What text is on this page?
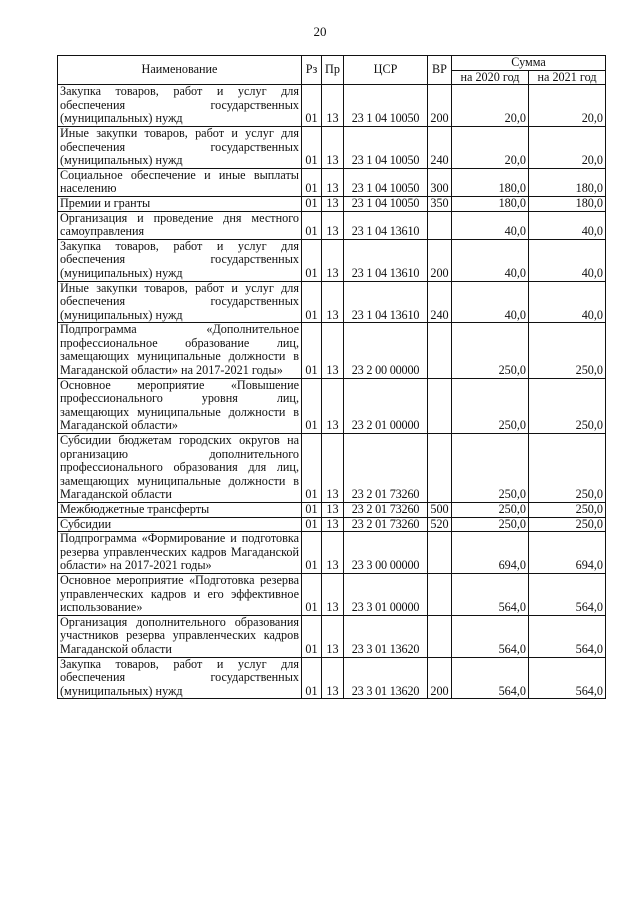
20
Наименование	Рз	Пр	ЦСР	ВР	Сумма	
					на 2020 год	на 2021 год
Закупка товаров, работ и услуг для обеспечения государственных (муниципальных) нужд	01	13	23 1 04 10050	200	20,0	20,0
Иные закупки товаров, работ и услуг для обеспечения государственных (муниципальных) нужд	01	13	23 1 04 10050	240	20,0	20,0
Социальное обеспечение и иные выплаты населению	01	13	23 1 04 10050	300	180,0	180,0
Премии и гранты	01	13	23 1 04 10050	350	180,0	180,0
Организация и проведение дня местного самоуправления	01	13	23 1 04 13610		40,0	40,0
Закупка товаров, работ и услуг для обеспечения государственных (муниципальных) нужд	01	13	23 1 04 13610	200	40,0	40,0
Иные закупки товаров, работ и услуг для обеспечения государственных (муниципальных) нужд	01	13	23 1 04 13610	240	40,0	40,0
Подпрограмма «Дополнительное профессиональное образование лиц, замещающих муниципальные должности в Магаданской области» на 2017-2021 годы»	01	13	23 2 00 00000		250,0	250,0
Основное мероприятие «Повышение профессионального уровня лиц, замещающих муниципальные должности в Магаданской области»	01	13	23 2 01 00000		250,0	250,0
Субсидии бюджетам городских округов на организацию дополнительного профессионального образования для лиц, замещающих муниципальные должности в Магаданской области	01	13	23 2 01 73260		250,0	250,0
Межбюджетные трансферты	01	13	23 2 01 73260	500	250,0	250,0
Субсидии	01	13	23 2 01 73260	520	250,0	250,0
Подпрограмма «Формирование и подготовка резерва управленческих кадров Магаданской области» на 2017-2021 годы»	01	13	23 3 00 00000		694,0	694,0
Основное мероприятие «Подготовка резерва управленческих кадров и его эффективное использование»	01	13	23 3 01 00000		564,0	564,0
Организация дополнительного образования участников резерва управленческих кадров Магаданской области	01	13	23 3 01 13620		564,0	564,0
Закупка товаров, работ и услуг для обеспечения государственных (муниципальных) нужд	01	13	23 3 01 13620	200	564,0	564,0
